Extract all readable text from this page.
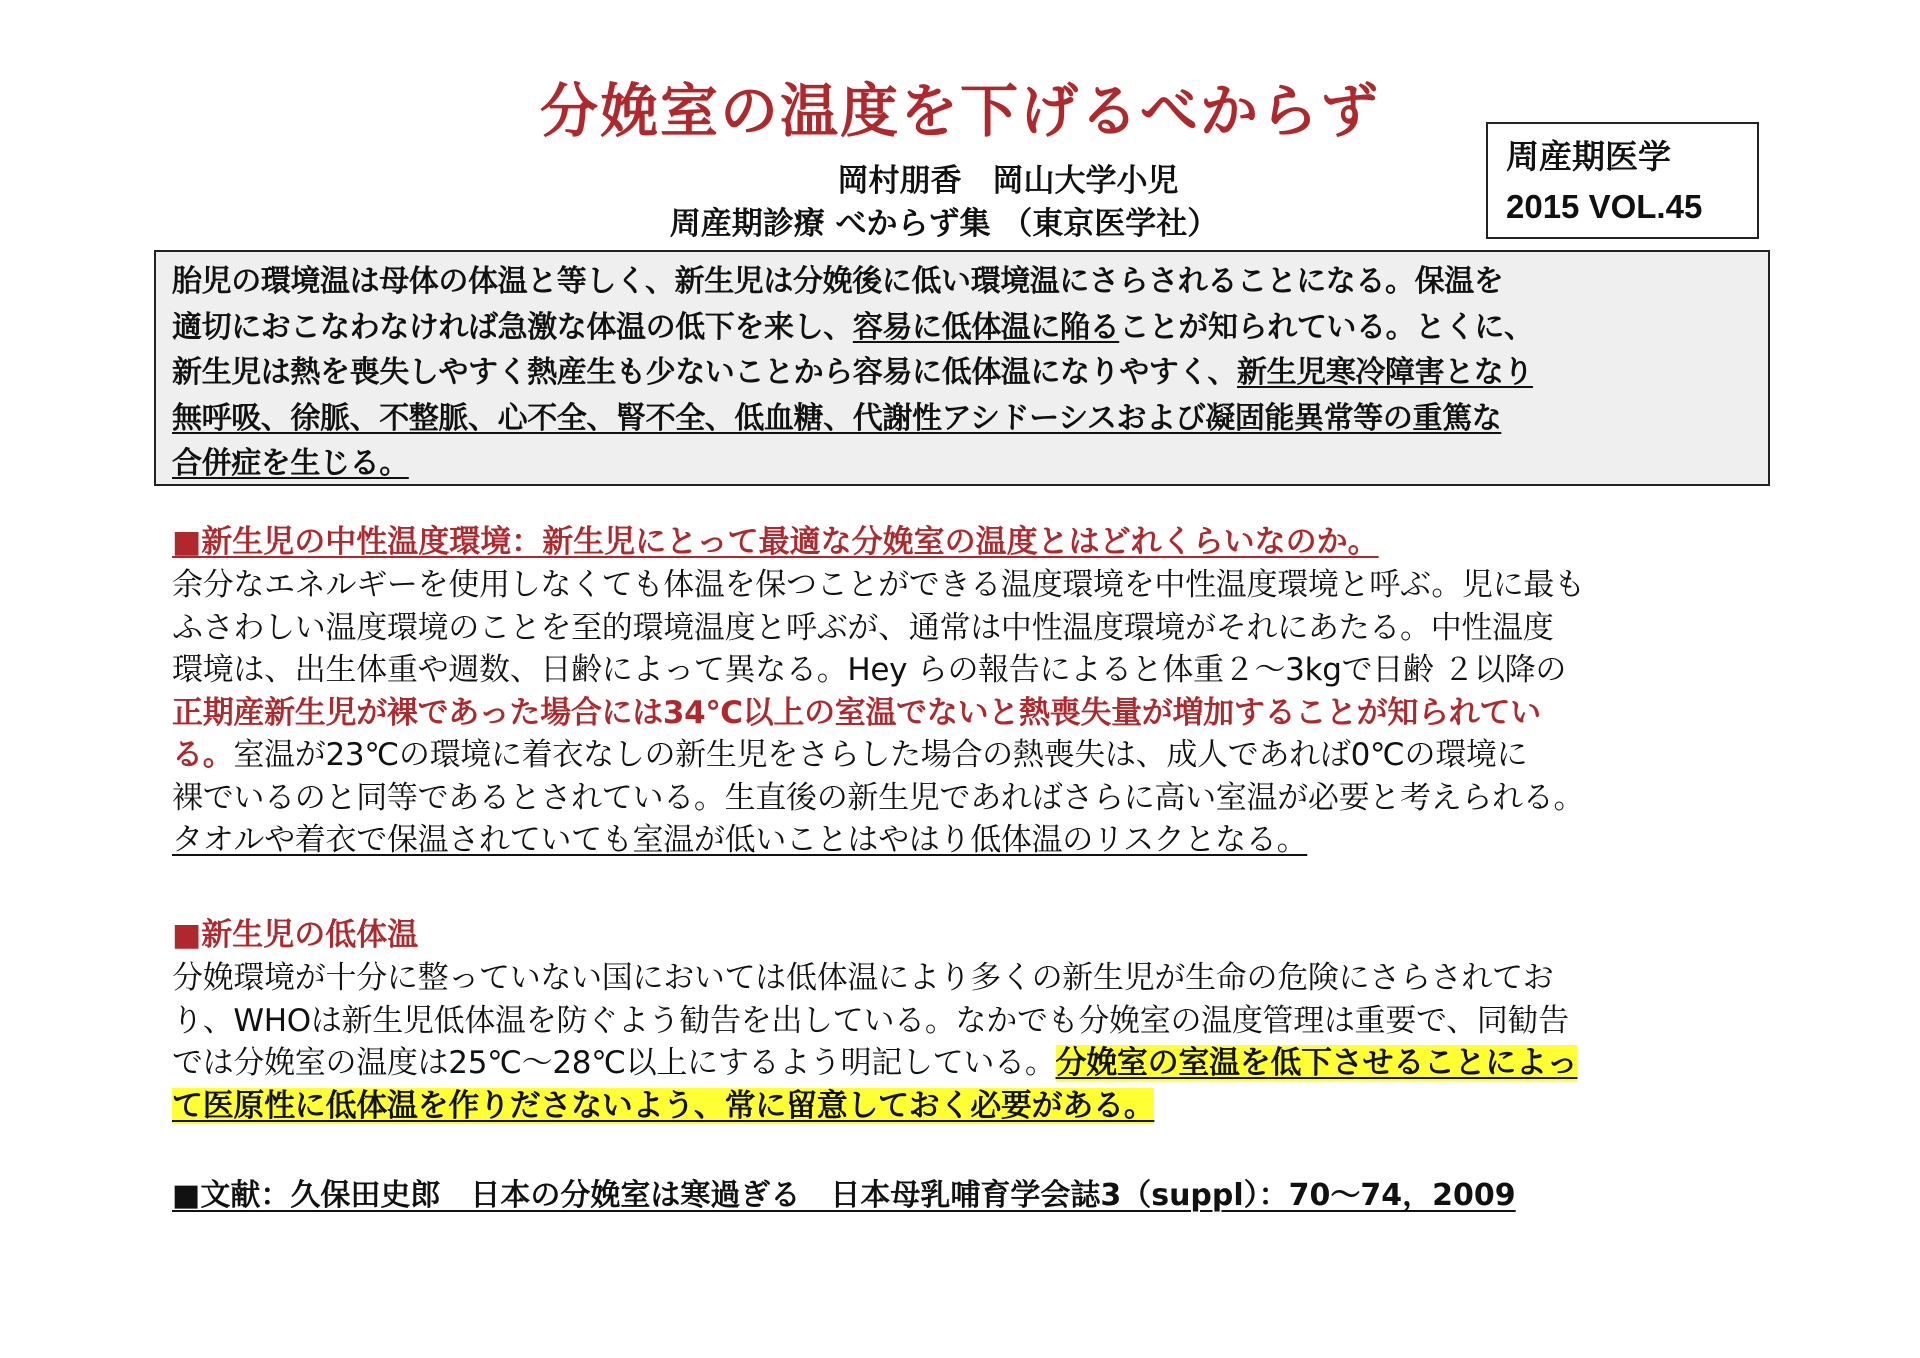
分娩室の温度を下げるべからず
岡村朋香　岡山大学小児
周産期診療 べからず集 （東京医学社）
周産期医学
2015 VOL.45

胎児の環境温は母体の体温と等しく、新生児は分娩後に低い環境温にさらされることになる。保温を

適切におこなわなければ急激な体温の低下を来し、容易に低体温に陥ることが知られている。とくに、

新生児は熱を喪失しやすく熱産生も少ないことから容易に低体温になりやすく、新生児寒冷障害となり

無呼吸、徐脈、不整脈、心不全、腎不全、低血糖、代謝性アシドーシスおよび凝固能異常等の重篤な

合併症を生じる。

■新生児の中性温度環境：新生児にとって最適な分娩室の温度とはどれくらいなのか。

余分なエネルギーを使用しなくても体温を保つことができる温度環境を中性温度環境と呼ぶ。児に最も

ふさわしい温度環境のことを至的環境温度と呼ぶが、通常は中性温度環境がそれにあたる。中性温度

環境は、出生体重や週数、日齢によって異なる。Hey らの報告によると体重２～3kgで日齢 ２以降の

正期産新生児が裸であった場合には34℃以上の室温でないと熱喪失量が増加することが知られてい

る。室温が23℃の環境に着衣なしの新生児をさらした場合の熱喪失は、成人であれば0℃の環境に

裸でいるのと同等であるとされている。生直後の新生児であればさらに高い室温が必要と考えられる。

タオルや着衣で保温されていても室温が低いことはやはり低体温のリスクとなる。

■新生児の低体温

分娩環境が十分に整っていない国においては低体温により多くの新生児が生命の危険にさらされてお

り、WHOは新生児低体温を防ぐよう勧告を出している。なかでも分娩室の温度管理は重要で、同勧告

では分娩室の温度は25℃～28℃以上にするよう明記している。分娩室の室温を低下させることによっ

て医原性に低体温を作りださないよう、常に留意しておく必要がある。

■文献：久保田史郎　日本の分娩室は寒過ぎる　日本母乳哺育学会誌3（suppl）：70～74，2009
